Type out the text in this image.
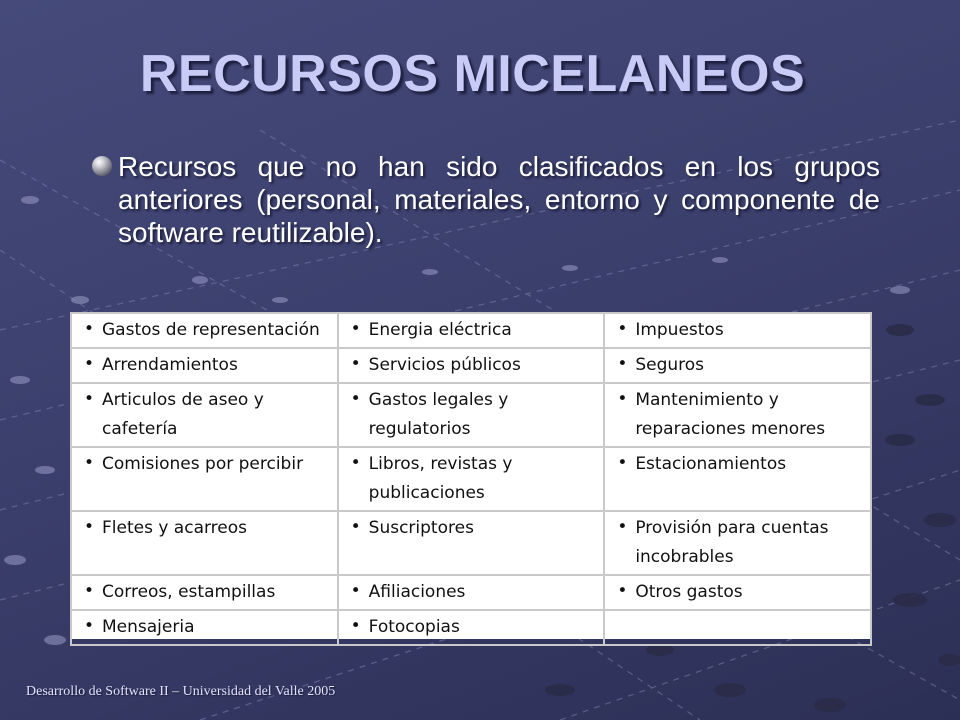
RECURSOS MICELANEOS
Recursos que no han sido clasificados en los grupos anteriores (personal, materiales, entorno y componente de software reutilizable).
• Gastos de representación	• Energia eléctrica	• Impuestos

• Arrendamientos	• Servicios públicos	• Seguros

• Articulos de aseo y cafetería	• Gastos legales y regulatorios	• Mantenimiento y reparaciones menores

• Comisiones por percibir	• Libros, revistas y publicaciones	• Estacionamientos

• Fletes y acarreos	• Suscriptores	• Provisión para cuentas incobrables

• Correos, estampillas	• Afiliaciones	• Otros gastos

• Mensajeria	• Fotocopias	
Desarrollo de Software II – Universidad del Valle 2005
